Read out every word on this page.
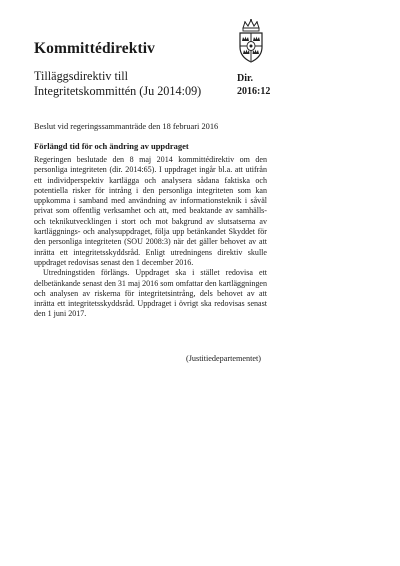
Kommittédirektiv
Tilläggsdirektiv till Integritetskommittén (Ju 2014:09)
Dir.
2016:12
Beslut vid regeringssammanträde den 18 februari 2016
Förlängd tid för och ändring av uppdraget

Regeringen beslutade den 8 maj 2014 kommittédirektiv om den personliga integriteten (dir. 2014:65). I uppdraget ingår bl.a. att utifrån ett individperspektiv kartlägga och analysera sådana faktiska och potentiella risker för intrång i den personliga integriteten som kan uppkomma i samband med användning av informationsteknik i såväl privat som offentlig verksamhet och att, med beaktande av samhälls- och teknikutvecklingen i stort och mot bakgrund av slutsatserna av kartläggnings- och analysuppdraget, följa upp betänkandet Skyddet för den personliga integriteten (SOU 2008:3) när det gäller behovet av att inrätta ett integritetsskyddsråd. Enligt utredningens direktiv skulle uppdraget redovisas senast den 1 december 2016.

Utredningstiden förlängs. Uppdraget ska i stället redovisa ett delbetänkande senast den 31 maj 2016 som omfattar den kartläggningen och analysen av riskerna för integritetsintrång, dels behovet av att inrätta ett integritetsskyddsråd. Uppdraget i övrigt ska redovisas senast den 1 juni 2017.

(Justitiedepartementet)
